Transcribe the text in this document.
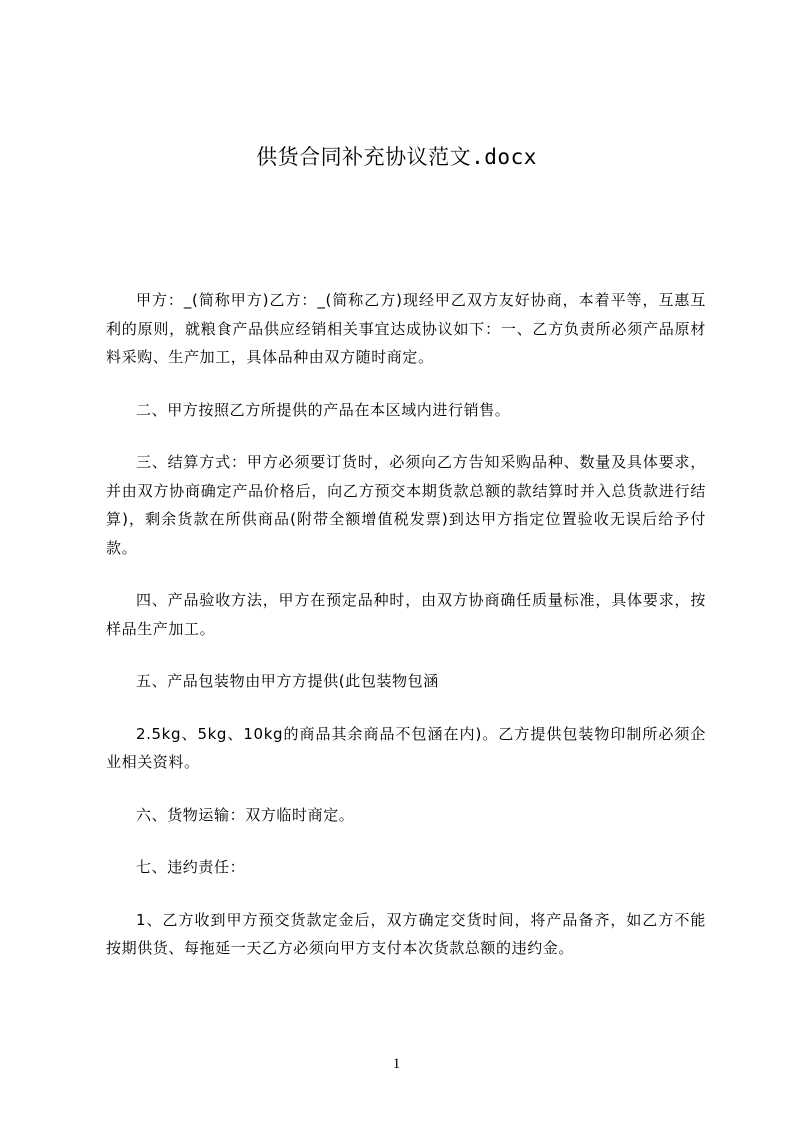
供货合同补充协议范文.docx

甲方：_(简称甲方)乙方：_(简称乙方)现经甲乙双方友好协商，本着平等，互惠互利的原则，就粮食产品供应经销相关事宜达成协议如下：一、乙方负责所必须产品原材料采购、生产加工，具体品种由双方随时商定。

二、甲方按照乙方所提供的产品在本区域内进行销售。

三、结算方式：甲方必须要订货时，必须向乙方告知采购品种、数量及具体要求，并由双方协商确定产品价格后，向乙方预交本期货款总额的款结算时并入总货款进行结算)，剩余货款在所供商品(附带全额增值税发票)到达甲方指定位置验收无误后给予付款。

四、产品验收方法，甲方在预定品种时，由双方协商确任质量标准，具体要求，按样品生产加工。

五、产品包装物由甲方方提供(此包装物包涵

2.5kg、5kg、10kg的商品其余商品不包涵在内)。乙方提供包装物印制所必须企业相关资料。

六、货物运输：双方临时商定。

七、违约责任：

1、乙方收到甲方预交货款定金后，双方确定交货时间，将产品备齐，如乙方不能按期供货、每拖延一天乙方必须向甲方支付本次货款总额的违约金。

1
